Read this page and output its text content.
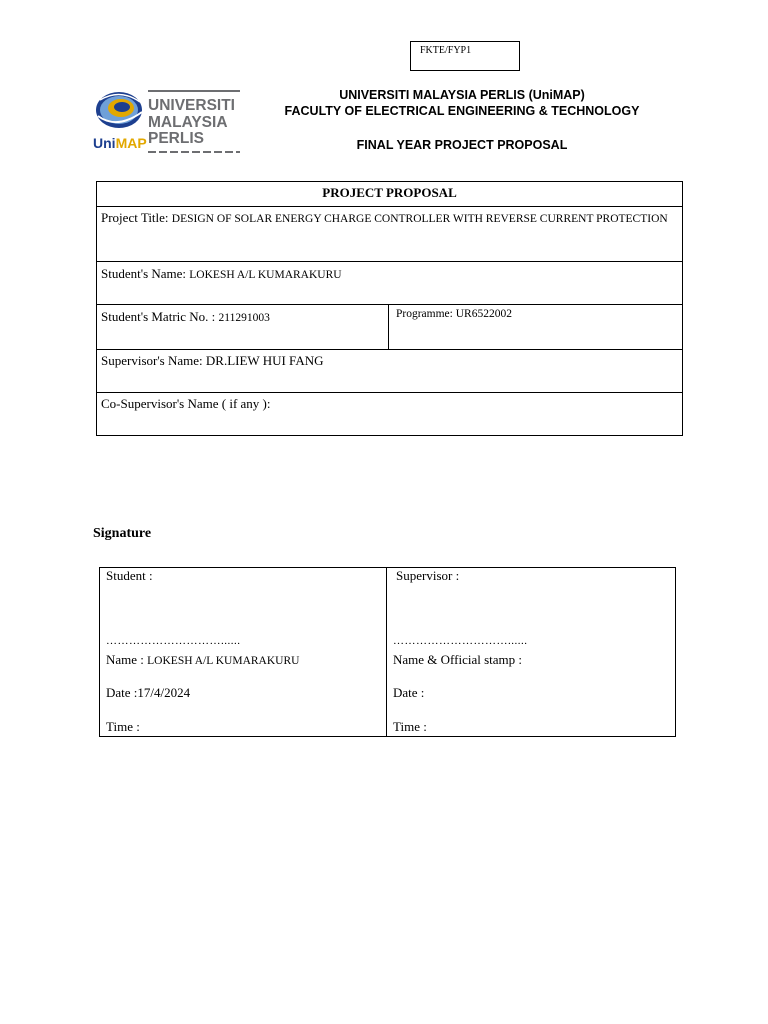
FKTE/FYP1
UniMAP
UNIVERSITI
MALAYSIA
PERLIS
UNIVERSITI MALAYSIA PERLIS (UniMAP)
FACULTY OF ELECTRICAL ENGINEERING & TECHNOLOGY
FINAL YEAR PROJECT PROPOSAL
PROJECT PROPOSAL
Project Title: DESIGN OF SOLAR ENERGY CHARGE CONTROLLER WITH REVERSE CURRENT PROTECTION
Student's Name: LOKESH A/L KUMARAKURU
Student's Matric No. : 211291003	Programme: UR6522002
Supervisor's Name: DR.LIEW HUI FANG
Co-Supervisor's Name ( if any ):
Signature
Student :
…………………………......
Name : LOKESH A/L KUMARAKURU
Date :17/4/2024
Time :

Supervisor :
…………………………......
Name & Official stamp :
Date :
Time :
